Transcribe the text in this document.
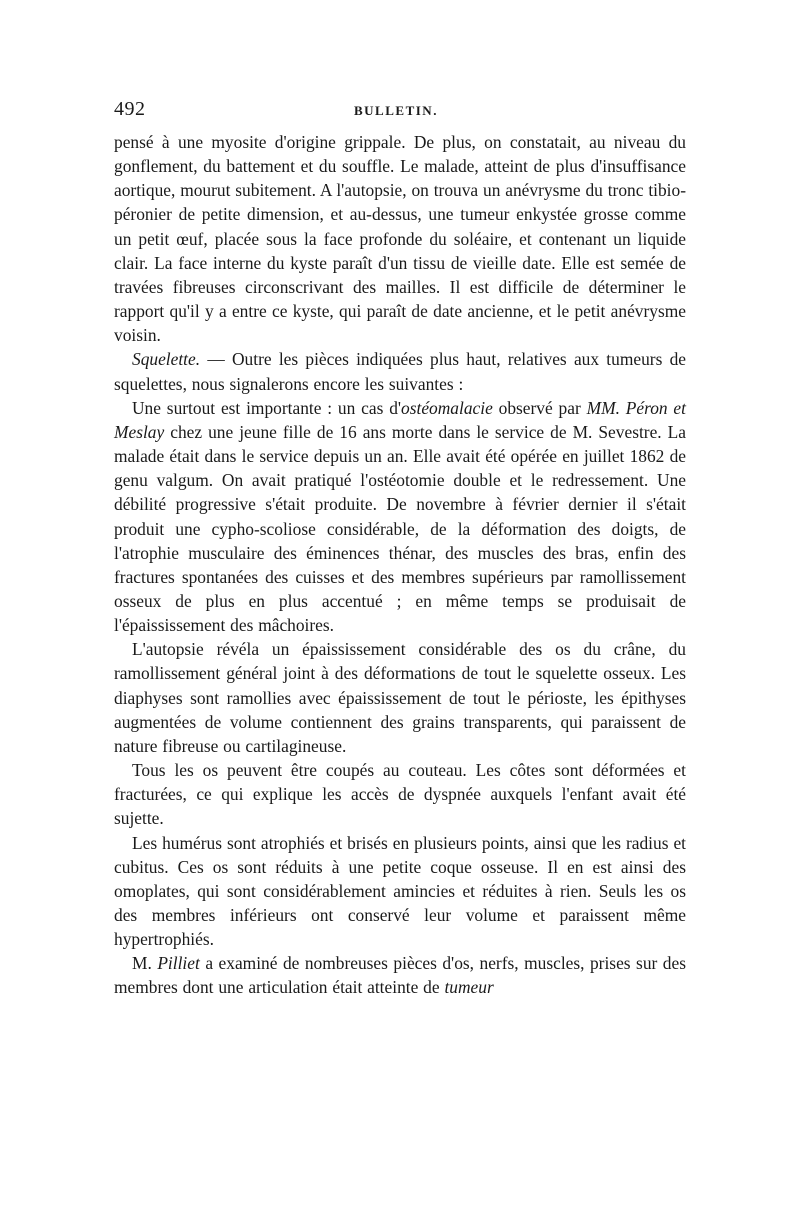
492	BULLETIN.

pensé à une myosite d'origine grippale. De plus, on constatait, au niveau du gonflement, du battement et du souffle. Le malade, atteint de plus d'insuffisance aortique, mourut subitement. A l'autopsie, on trouva un anévrysme du tronc tibio-péronier de petite dimension, et au-dessus, une tumeur enkystée grosse comme un petit œuf, placée sous la face profonde du soléaire, et contenant un liquide clair. La face interne du kyste paraît d'un tissu de vieille date. Elle est semée de travées fibreuses circonscrivant des mailles. Il est difficile de déterminer le rapport qu'il y a entre ce kyste, qui paraît de date ancienne, et le petit anévrysme voisin.

Squelette. — Outre les pièces indiquées plus haut, relatives aux tumeurs de squelettes, nous signalerons encore les suivantes :

Une surtout est importante : un cas d'ostéomalacie observé par MM. Péron et Meslay chez une jeune fille de 16 ans morte dans le service de M. Sevestre. La malade était dans le service depuis un an. Elle avait été opérée en juillet 1862 de genu valgum. On avait pratiqué l'ostéotomie double et le redressement. Une débilité progressive s'était produite. De novembre à février dernier il s'était produit une cypho-scoliose considérable, de la déformation des doigts, de l'atrophie musculaire des éminences thénar, des muscles des bras, enfin des fractures spontanées des cuisses et des membres supérieurs par ramollissement osseux de plus en plus accentué ; en même temps se produisait de l'épaississement des mâchoires.

L'autopsie révéla un épaississement considérable des os du crâne, du ramollissement général joint à des déformations de tout le squelette osseux. Les diaphyses sont ramollies avec épaississement de tout le périoste, les épithyses augmentées de volume contiennent des grains transparents, qui paraissent de nature fibreuse ou cartilagineuse.

Tous les os peuvent être coupés au couteau. Les côtes sont déformées et fracturées, ce qui explique les accès de dyspnée auxquels l'enfant avait été sujette.

Les humérus sont atrophiés et brisés en plusieurs points, ainsi que les radius et cubitus. Ces os sont réduits à une petite coque osseuse. Il en est ainsi des omoplates, qui sont considérablement amincies et réduites à rien. Seuls les os des membres inférieurs ont conservé leur volume et paraissent même hypertrophiés.

M. Pilliet a examiné de nombreuses pièces d'os, nerfs, muscles, prises sur des membres dont une articulation était atteinte de tumeur
